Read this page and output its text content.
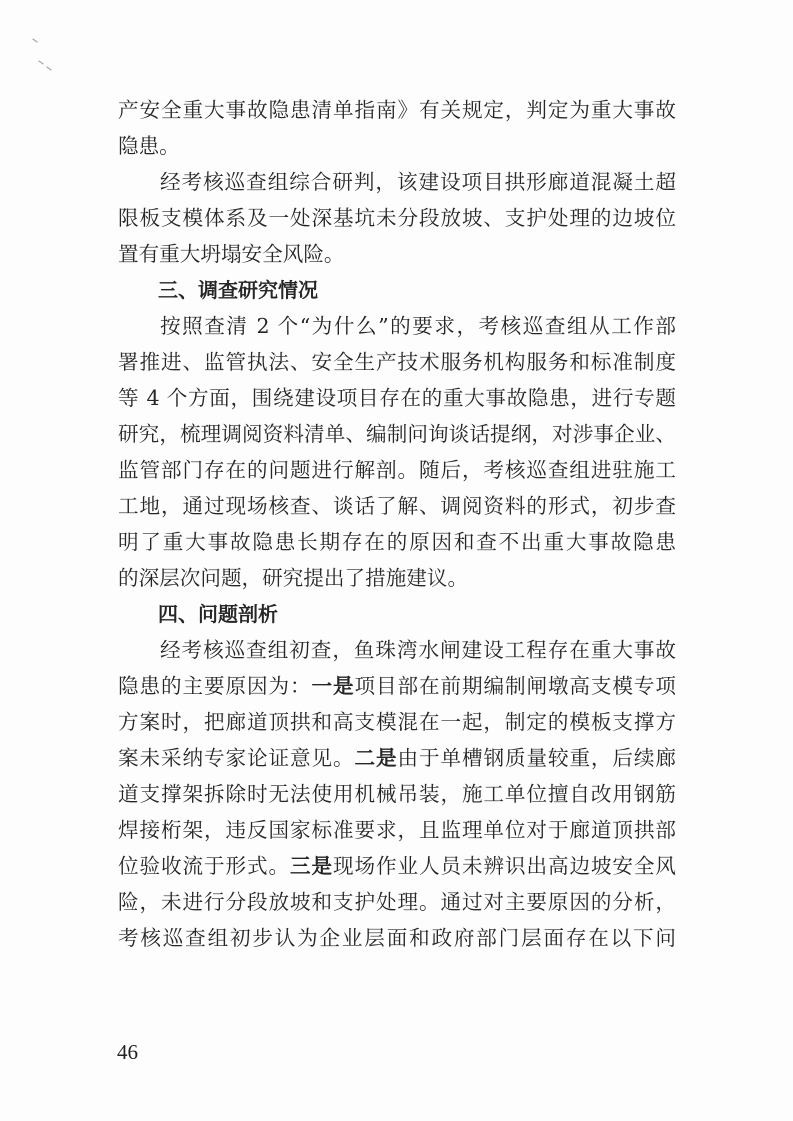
产安全重大事故隐患清单指南》有关规定，判定为重大事故
隐患。
经考核巡查组综合研判，该建设项目拱形廊道混凝土超
限板支模体系及一处深基坑未分段放坡、支护处理的边坡位
置有重大坍塌安全风险。
三、调查研究情况
按照查清 2 个“为什么”的要求，考核巡查组从工作部
署推进、监管执法、安全生产技术服务机构服务和标准制度
等 4 个方面，围绕建设项目存在的重大事故隐患，进行专题
研究，梳理调阅资料清单、编制问询谈话提纲，对涉事企业、
监管部门存在的问题进行解剖。随后，考核巡查组进驻施工
工地，通过现场核查、谈话了解、调阅资料的形式，初步查
明了重大事故隐患长期存在的原因和查不出重大事故隐患
的深层次问题，研究提出了措施建议。
四、问题剖析
经考核巡查组初查，鱼珠湾水闸建设工程存在重大事故
隐患的主要原因为：一是项目部在前期编制闸墩高支模专项
方案时，把廊道顶拱和高支模混在一起，制定的模板支撑方
案未采纳专家论证意见。二是由于单槽钢质量较重，后续廊
道支撑架拆除时无法使用机械吊装，施工单位擅自改用钢筋
焊接桁架，违反国家标准要求，且监理单位对于廊道顶拱部
位验收流于形式。三是现场作业人员未辨识出高边坡安全风
险，未进行分段放坡和支护处理。通过对主要原因的分析，
考核巡查组初步认为企业层面和政府部门层面存在以下问
46
